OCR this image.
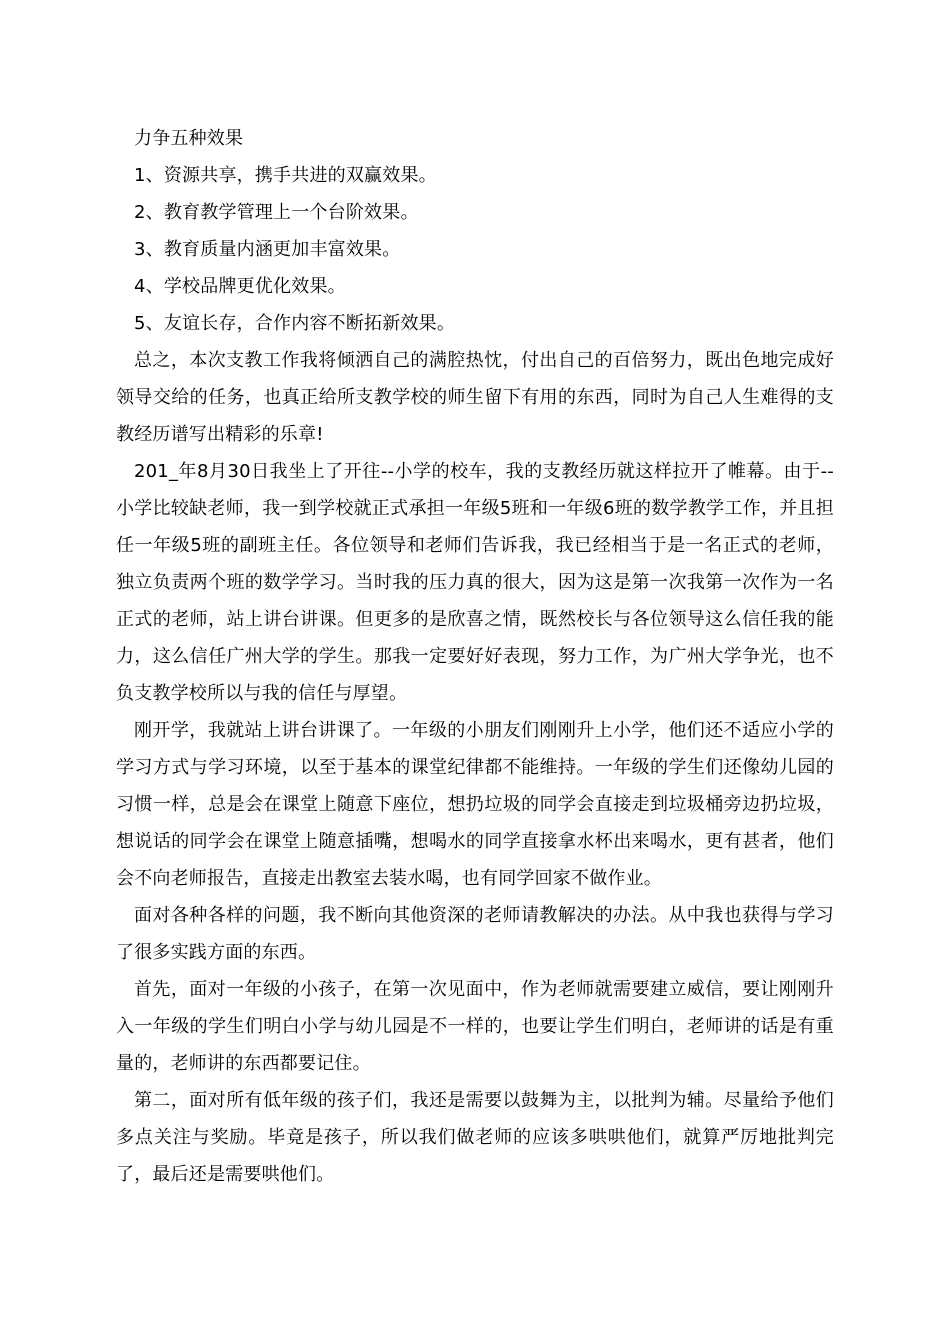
力争五种效果

1、资源共享，携手共进的双赢效果。

2、教育教学管理上一个台阶效果。

3、教育质量内涵更加丰富效果。

4、学校品牌更优化效果。

5、友谊长存，合作内容不断拓新效果。

总之，本次支教工作我将倾洒自己的满腔热忱，付出自己的百倍努力，既出色地完成好领导交给的任务，也真正给所支教学校的师生留下有用的东西，同时为自己人生难得的支教经历谱写出精彩的乐章!

201_年8月30日我坐上了开往--小学的校车，我的支教经历就这样拉开了帷幕。由于--小学比较缺老师，我一到学校就正式承担一年级5班和一年级6班的数学教学工作，并且担任一年级5班的副班主任。各位领导和老师们告诉我，我已经相当于是一名正式的老师，独立负责两个班的数学学习。当时我的压力真的很大，因为这是第一次我第一次作为一名正式的老师，站上讲台讲课。但更多的是欣喜之情，既然校长与各位领导这么信任我的能力，这么信任广州大学的学生。那我一定要好好表现，努力工作，为广州大学争光，也不负支教学校所以与我的信任与厚望。

刚开学，我就站上讲台讲课了。一年级的小朋友们刚刚升上小学，他们还不适应小学的学习方式与学习环境，以至于基本的课堂纪律都不能维持。一年级的学生们还像幼儿园的习惯一样，总是会在课堂上随意下座位，想扔垃圾的同学会直接走到垃圾桶旁边扔垃圾，想说话的同学会在课堂上随意插嘴，想喝水的同学直接拿水杯出来喝水，更有甚者，他们会不向老师报告，直接走出教室去装水喝，也有同学回家不做作业。

面对各种各样的问题，我不断向其他资深的老师请教解决的办法。从中我也获得与学习了很多实践方面的东西。

首先，面对一年级的小孩子，在第一次见面中，作为老师就需要建立威信，要让刚刚升入一年级的学生们明白小学与幼儿园是不一样的，也要让学生们明白，老师讲的话是有重量的，老师讲的东西都要记住。

第二，面对所有低年级的孩子们，我还是需要以鼓舞为主，以批判为辅。尽量给予他们多点关注与奖励。毕竟是孩子，所以我们做老师的应该多哄哄他们，就算严厉地批判完了，最后还是需要哄他们。
